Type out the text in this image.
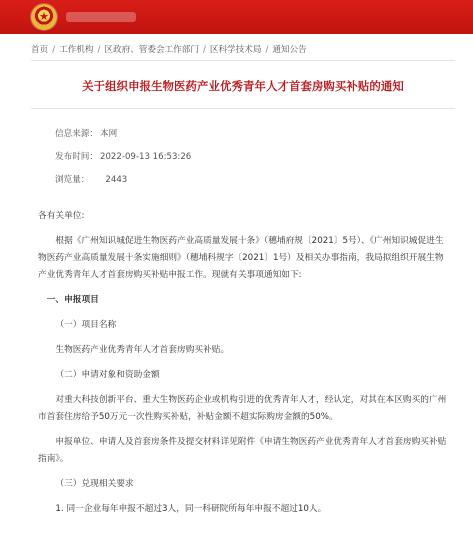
★
首页 / 工作机构 / 区政府、管委会工作部门 / 区科学技术局 / 通知公告
关于组织申报生物医药产业优秀青年人才首套房购买补贴的通知
信息来源： 本网
发布时间： 2022-09-13 16:53:26
浏览量： 2443

各有关单位:

根据《广州知识城促进生物医药产业高质量发展十条》（穗埔府规〔2021〕5号）、《广州知识城促进生物医药产业高质量发展十条实施细则》（穗埔科规字〔2021〕1号）及相关办事指南，我局拟组织开展生物产业优秀青年人才首套房购买补贴申报工作。现就有关事项通知如下:

一、申报项目

（一）项目名称

生物医药产业优秀青年人才首套房购买补贴。

（二）申请对象和资助金额

对重大科技创新平台、重大生物医药企业或机构引进的优秀青年人才，经认定，对其在本区购买的广州市首套住房给予50万元一次性购买补贴，补贴金额不超实际购房金额的50%。

申报单位、申请人及首套房条件及提交材料详见附件《申请生物医药产业优秀青年人才首套房购买补贴指南》。

（三）兑现相关要求

1. 同一企业每年申报不超过3人，同一科研院所每年申报不超过10人。
